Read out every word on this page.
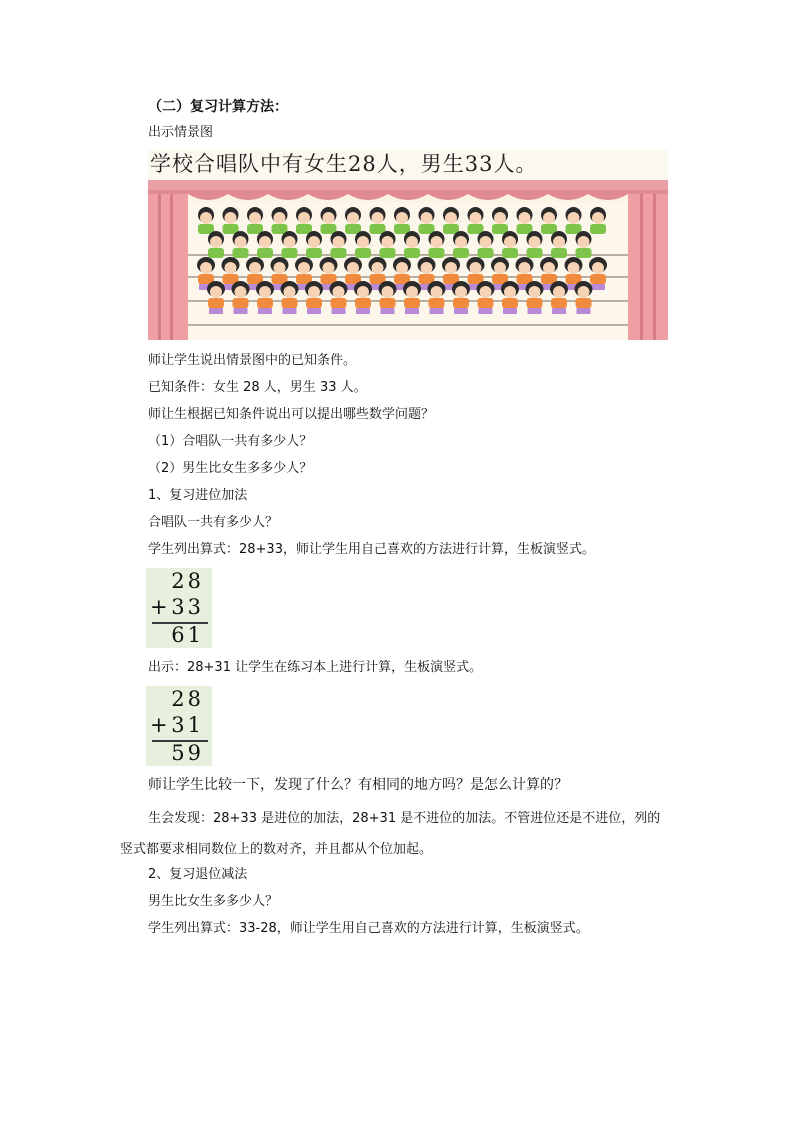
（二）复习计算方法：
出示情景图
学校合唱队中有女生28人，男生33人。
师让学生说出情景图中的已知条件。
已知条件：女生 28 人，男生 33 人。
师让生根据已知条件说出可以提出哪些数学问题？
（1）合唱队一共有多少人？
（2）男生比女生多多少人？
1、复习进位加法
合唱队一共有多少人？
学生列出算式：28+33，师让学生用自己喜欢的方法进行计算，生板演竖式。
28
+ 33
61
出示：28+31 让学生在练习本上进行计算，生板演竖式。
28
+ 31
59
师让学生比较一下，发现了什么？有相同的地方吗？是怎么计算的？
生会发现：28+33 是进位的加法，28+31 是不进位的加法。不管进位还是不进位，列的
竖式都要求相同数位上的数对齐，并且都从个位加起。
2、复习退位减法
男生比女生多多少人？
学生列出算式：33-28，师让学生用自己喜欢的方法进行计算，生板演竖式。
